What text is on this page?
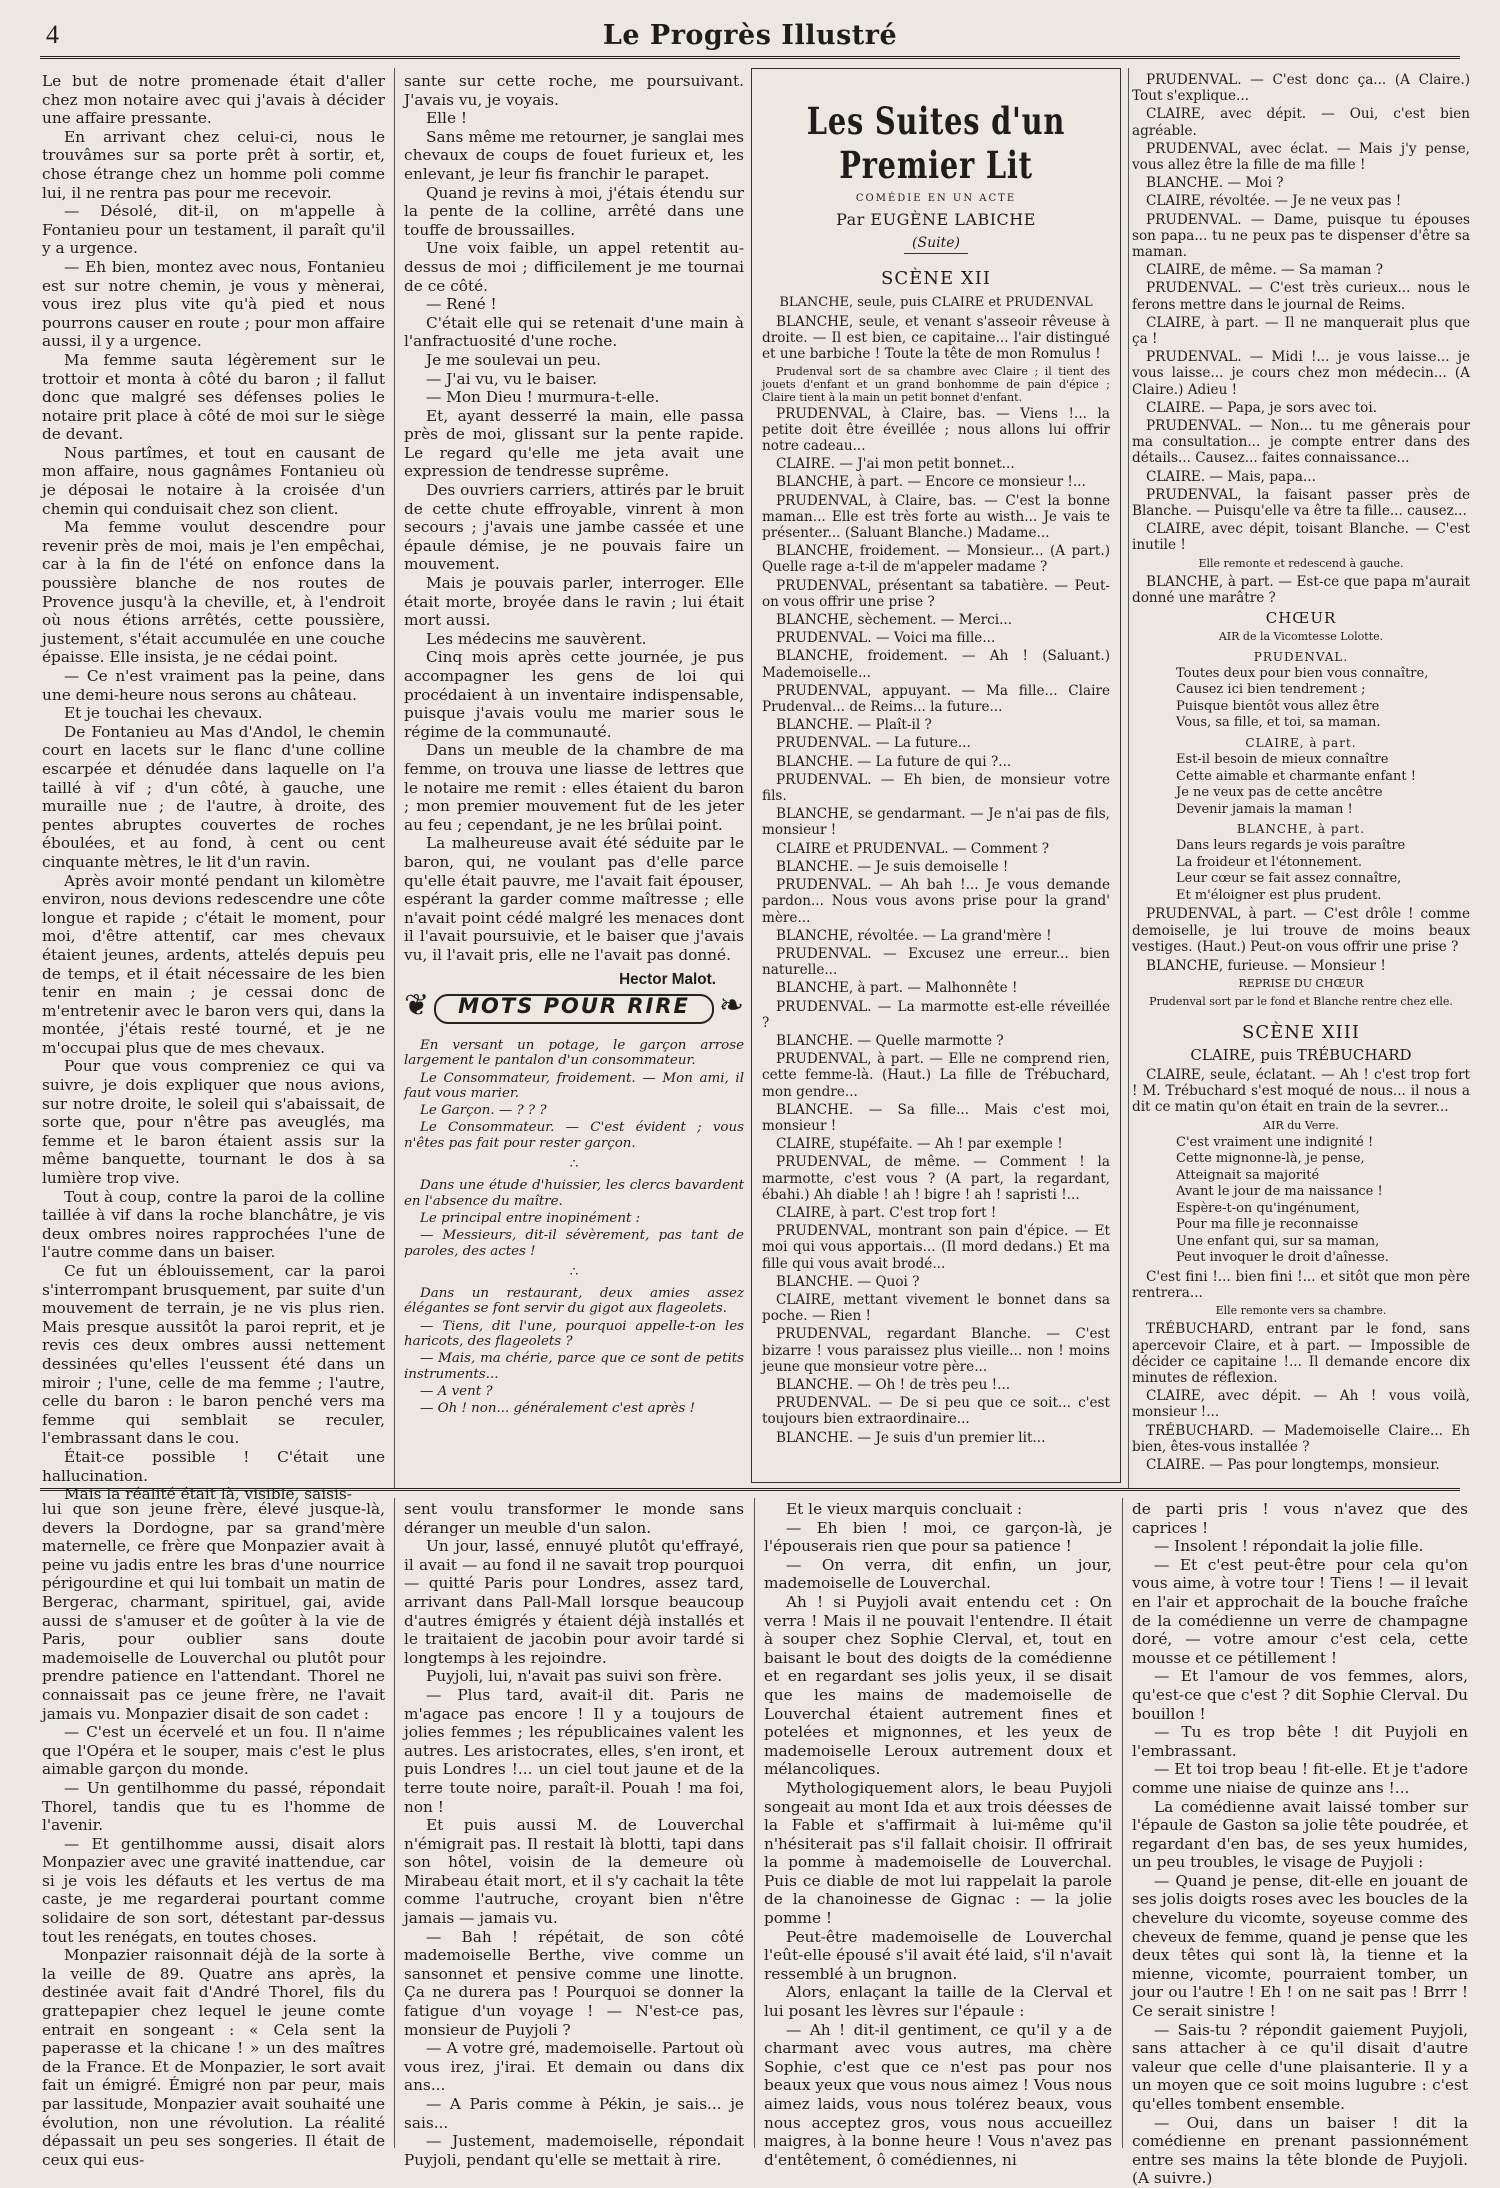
4	Le Progrès Illustré

Le but de notre promenade était d'aller chez mon notaire avec qui j'avais à décider une affaire pressante.

En arrivant chez celui-ci, nous le trouvâmes sur sa porte prêt à sortir, et, chose étrange chez un homme poli comme lui, il ne rentra pas pour me recevoir.

— Désolé, dit-il, on m'appelle à Fontanieu pour un testament, il paraît qu'il y a urgence.

— Eh bien, montez avec nous, Fontanieu est sur notre chemin, je vous y mènerai, vous irez plus vite qu'à pied et nous pourrons causer en route ; pour mon affaire aussi, il y a urgence.

Ma femme sauta légèrement sur le trottoir et monta à côté du baron ; il fallut donc que malgré ses défenses polies le notaire prit place à côté de moi sur le siège de devant.

Nous partîmes, et tout en causant de mon affaire, nous gagnâmes Fontanieu où je déposai le notaire à la croisée d'un chemin qui conduisait chez son client.

Ma femme voulut descendre pour revenir près de moi, mais je l'en empêchai, car à la fin de l'été on enfonce dans la poussière blanche de nos routes de Provence jusqu'à la cheville, et, à l'endroit où nous étions arrêtés, cette poussière, justement, s'était accumulée en une couche épaisse. Elle insista, je ne cédai point.

— Ce n'est vraiment pas la peine, dans une demi-heure nous serons au château.

Et je touchai les chevaux.

De Fontanieu au Mas d'Andol, le chemin court en lacets sur le flanc d'une colline escarpée et dénudée dans laquelle on l'a taillé à vif ; d'un côté, à gauche, une muraille nue ; de l'autre, à droite, des pentes abruptes couvertes de roches éboulées, et au fond, à cent ou cent cinquante mètres, le lit d'un ravin.

Après avoir monté pendant un kilomètre environ, nous devions redescendre une côte longue et rapide ; c'était le moment, pour moi, d'être attentif, car mes chevaux étaient jeunes, ardents, attelés depuis peu de temps, et il était nécessaire de les bien tenir en main ; je cessai donc de m'entretenir avec le baron vers qui, dans la montée, j'étais resté tourné, et je ne m'occupai plus que de mes chevaux.

Pour que vous compreniez ce qui va suivre, je dois expliquer que nous avions, sur notre droite, le soleil qui s'abaissait, de sorte que, pour n'être pas aveuglés, ma femme et le baron étaient assis sur la même banquette, tournant le dos à sa lumière trop vive.

Tout à coup, contre la paroi de la colline taillée à vif dans la roche blanchâtre, je vis deux ombres noires rapprochées l'une de l'autre comme dans un baiser.

Ce fut un éblouissement, car la paroi s'interrompant brusquement, par suite d'un mouvement de terrain, je ne vis plus rien. Mais presque aussitôt la paroi reprit, et je revis ces deux ombres aussi nettement dessinées qu'elles l'eussent été dans un miroir ; l'une, celle de ma femme ; l'autre, celle du baron : le baron penché vers ma femme qui semblait se reculer, l'embrassant dans le cou.

Était-ce possible ! C'était une hallucination.

Mais la réalité était là, visible, saisis-

sante sur cette roche, me poursuivant. J'avais vu, je voyais.

Elle !

Sans même me retourner, je sanglai mes chevaux de coups de fouet furieux et, les enlevant, je leur fis franchir le parapet.

Quand je revins à moi, j'étais étendu sur la pente de la colline, arrêté dans une touffe de broussailles.

Une voix faible, un appel retentit au-dessus de moi ; difficilement je me tournai de ce côté.

— René !

C'était elle qui se retenait d'une main à l'anfractuosité d'une roche.

Je me soulevai un peu.

— J'ai vu, vu le baiser.

— Mon Dieu ! murmura-t-elle.

Et, ayant desserré la main, elle passa près de moi, glissant sur la pente rapide. Le regard qu'elle me jeta avait une expression de tendresse suprême.

Des ouvriers carriers, attirés par le bruit de cette chute effroyable, vinrent à mon secours ; j'avais une jambe cassée et une épaule démise, je ne pouvais faire un mouvement.

Mais je pouvais parler, interroger. Elle était morte, broyée dans le ravin ; lui était mort aussi.

Les médecins me sauvèrent.

Cinq mois après cette journée, je pus accompagner les gens de loi qui procédaient à un inventaire indispensable, puisque j'avais voulu me marier sous le régime de la communauté.

Dans un meuble de la chambre de ma femme, on trouva une liasse de lettres que le notaire me remit : elles étaient du baron ; mon premier mouvement fut de les jeter au feu ; cependant, je ne les brûlai point.

La malheureuse avait été séduite par le baron, qui, ne voulant pas d'elle parce qu'elle était pauvre, me l'avait fait épouser, espérant la garder comme maîtresse ; elle n'avait point cédé malgré les menaces dont il l'avait poursuivie, et le baiser que j'avais vu, il l'avait pris, elle ne l'avait pas donné.

Hector Malot.

❦	MOTS POUR RIRE ❧

En versant un potage, le garçon arrose largement le pantalon d'un consommateur.

Le Consommateur, froidement. — Mon ami, il faut vous marier.

Le Garçon. — ? ? ?

Le Consommateur. — C'est évident ; vous n'êtes pas fait pour rester garçon.

∴

Dans une étude d'huissier, les clercs bavardent en l'absence du maître.

Le principal entre inopinément :

— Messieurs, dit-il sévèrement, pas tant de paroles, des actes !

∴

Dans un restaurant, deux amies assez élégantes se font servir du gigot aux flageolets.

— Tiens, dit l'une, pourquoi appelle-t-on les haricots, des flageolets ?

— Mais, ma chérie, parce que ce sont de petits instruments...

— A vent ?

— Oh ! non... généralement c'est après !

Les Suites d'un Premier Lit
COMÉDIE EN UN ACTE
Par EUGÈNE LABICHE
(Suite)
SCÈNE XII
BLANCHE, seule, puis CLAIRE et PRUDENVAL

BLANCHE, seule, et venant s'asseoir rêveuse à droite. — Il est bien, ce capitaine... l'air distingué et une barbiche ! Toute la tête de mon Romulus !

Prudenval sort de sa chambre avec Claire ; il tient des jouets d'enfant et un grand bonhomme de pain d'épice ; Claire tient à la main un petit bonnet d'enfant.

PRUDENVAL, à Claire, bas. — Viens !... la petite doit être éveillée ; nous allons lui offrir notre cadeau...

CLAIRE. — J'ai mon petit bonnet...

BLANCHE, à part. — Encore ce monsieur !...

PRUDENVAL, à Claire, bas. — C'est la bonne maman... Elle est très forte au wisth... Je vais te présenter... (Saluant Blanche.) Madame...

BLANCHE, froidement. — Monsieur... (A part.) Quelle rage a-t-il de m'appeler madame ?

PRUDENVAL, présentant sa tabatière. — Peut-on vous offrir une prise ?

BLANCHE, sèchement. — Merci...

PRUDENVAL. — Voici ma fille...

BLANCHE, froidement. — Ah ! (Saluant.) Mademoiselle...

PRUDENVAL, appuyant. — Ma fille... Claire Prudenval... de Reims... la future...

BLANCHE. — Plaît-il ?

PRUDENVAL. — La future...

BLANCHE. — La future de qui ?...

PRUDENVAL. — Eh bien, de monsieur votre fils.

BLANCHE, se gendarmant. — Je n'ai pas de fils, monsieur !

CLAIRE et PRUDENVAL. — Comment ?

BLANCHE. — Je suis demoiselle !

PRUDENVAL. — Ah bah !... Je vous demande pardon... Nous vous avons prise pour la grand' mère...

BLANCHE, révoltée. — La grand'mère !

PRUDENVAL. — Excusez une erreur... bien naturelle...

BLANCHE, à part. — Malhonnête !

PRUDENVAL. — La marmotte est-elle réveillée ?

BLANCHE. — Quelle marmotte ?

PRUDENVAL, à part. — Elle ne comprend rien, cette femme-là. (Haut.) La fille de Trébuchard, mon gendre...

BLANCHE. — Sa fille... Mais c'est moi, monsieur !

CLAIRE, stupéfaite. — Ah ! par exemple !

PRUDENVAL, de même. — Comment ! la marmotte, c'est vous ? (A part, la regardant, ébahi.) Ah diable ! ah ! bigre ! ah ! sapristi !...

CLAIRE, à part. C'est trop fort !

PRUDENVAL, montrant son pain d'épice. — Et moi qui vous apportais... (Il mord dedans.) Et ma fille qui vous avait brodé...

BLANCHE. — Quoi ?

CLAIRE, mettant vivement le bonnet dans sa poche. — Rien !

PRUDENVAL, regardant Blanche. — C'est bizarre ! vous paraissez plus vieille... non ! moins jeune que monsieur votre père...

BLANCHE. — Oh ! de très peu !...

PRUDENVAL. — De si peu que ce soit... c'est toujours bien extraordinaire...

BLANCHE. — Je suis d'un premier lit...

PRUDENVAL. — C'est donc ça... (A Claire.) Tout s'explique...

CLAIRE, avec dépit. — Oui, c'est bien agréable.

PRUDENVAL, avec éclat. — Mais j'y pense, vous allez être la fille de ma fille !

BLANCHE. — Moi ?

CLAIRE, révoltée. — Je ne veux pas !

PRUDENVAL. — Dame, puisque tu épouses son papa... tu ne peux pas te dispenser d'être sa maman.

CLAIRE, de même. — Sa maman ?

PRUDENVAL. — C'est très curieux... nous le ferons mettre dans le journal de Reims.

CLAIRE, à part. — Il ne manquerait plus que ça !

PRUDENVAL. — Midi !... je vous laisse... je vous laisse... je cours chez mon médecin... (A Claire.) Adieu !

CLAIRE. — Papa, je sors avec toi.

PRUDENVAL. — Non... tu me gênerais pour ma consultation... je compte entrer dans des détails... Causez... faites connaissance...

CLAIRE. — Mais, papa...

PRUDENVAL, la faisant passer près de Blanche. — Puisqu'elle va être ta fille... causez...

CLAIRE, avec dépit, toisant Blanche. — C'est inutile !

Elle remonte et redescend à gauche.

BLANCHE, à part. — Est-ce que papa m'aurait donné une marâtre ?

CHŒUR
AIR de la Vicomtesse Lolotte.
PRUDENVAL.
Toutes deux pour bien vous connaître,
Causez ici bien tendrement ;
Puisque bientôt vous allez être
Vous, sa fille, et toi, sa maman.
CLAIRE, à part.
Est-il besoin de mieux connaître
Cette aimable et charmante enfant !
Je ne veux pas de cette ancêtre
Devenir jamais la maman !
BLANCHE, à part.
Dans leurs regards je vois paraître
La froideur et l'étonnement.
Leur cœur se fait assez connaître,
Et m'éloigner est plus prudent.

PRUDENVAL, à part. — C'est drôle ! comme demoiselle, je lui trouve de moins beaux vestiges. (Haut.) Peut-on vous offrir une prise ?

BLANCHE, furieuse. — Monsieur !

REPRISE DU CHŒUR
Prudenval sort par le fond et Blanche rentre chez elle.
SCÈNE XIII
CLAIRE, puis TRÉBUCHARD

CLAIRE, seule, éclatant. — Ah ! c'est trop fort ! M. Trébuchard s'est moqué de nous... il nous a dit ce matin qu'on était en train de la sevrer...

AIR du Verre.
C'est vraiment une indignité !
Cette mignonne-là, je pense,
Atteignait sa majorité
Avant le jour de ma naissance !
Espère-t-on qu'ingénument,
Pour ma fille je reconnaisse
Une enfant qui, sur sa maman,
Peut invoquer le droit d'aînesse.

C'est fini !... bien fini !... et sitôt que mon père rentrera...

Elle remonte vers sa chambre.

TRÉBUCHARD, entrant par le fond, sans apercevoir Claire, et à part. — Impossible de décider ce capitaine !... Il demande encore dix minutes de réflexion.

CLAIRE, avec dépit. — Ah ! vous voilà, monsieur !...

TRÉBUCHARD. — Mademoiselle Claire... Eh bien, êtes-vous installée ?

CLAIRE. — Pas pour longtemps, monsieur.

lui que son jeune frère, élevé jusque-là, devers la Dordogne, par sa grand'mère maternelle, ce frère que Monpazier avait à peine vu jadis entre les bras d'une nourrice périgourdine et qui lui tombait un matin de Bergerac, charmant, spirituel, gai, avide aussi de s'amuser et de goûter à la vie de Paris, pour oublier sans doute mademoiselle de Louverchal ou plutôt pour prendre patience en l'attendant. Thorel ne connaissait pas ce jeune frère, ne l'avait jamais vu. Monpazier disait de son cadet :

— C'est un écervelé et un fou. Il n'aime que l'Opéra et le souper, mais c'est le plus aimable garçon du monde.

— Un gentilhomme du passé, répondait Thorel, tandis que tu es l'homme de l'avenir.

— Et gentilhomme aussi, disait alors Monpazier avec une gravité inattendue, car si je vois les défauts et les vertus de ma caste, je me regarderai pourtant comme solidaire de son sort, détestant par-dessus tout les renégats, en toutes choses.

Monpazier raisonnait déjà de la sorte à la veille de 89. Quatre ans après, la destinée avait fait d'André Thorel, fils du grattepapier chez lequel le jeune comte entrait en songeant : « Cela sent la paperasse et la chicane ! » un des maîtres de la France. Et de Monpazier, le sort avait fait un émigré. Émigré non par peur, mais par lassitude, Monpazier avait souhaité une évolution, non une révolution. La réalité dépassait un peu ses songeries. Il était de ceux qui eus-

sent voulu transformer le monde sans déranger un meuble d'un salon.

Un jour, lassé, ennuyé plutôt qu'effrayé, il avait — au fond il ne savait trop pourquoi — quitté Paris pour Londres, assez tard, arrivant dans Pall-Mall lorsque beaucoup d'autres émigrés y étaient déjà installés et le traitaient de jacobin pour avoir tardé si longtemps à les rejoindre.

Puyjoli, lui, n'avait pas suivi son frère.

— Plus tard, avait-il dit. Paris ne m'agace pas encore ! Il y a toujours de jolies femmes ; les républicaines valent les autres. Les aristocrates, elles, s'en iront, et puis Londres !... un ciel tout jaune et de la terre toute noire, paraît-il. Pouah ! ma foi, non !

Et puis aussi M. de Louverchal n'émigrait pas. Il restait là blotti, tapi dans son hôtel, voisin de la demeure où Mirabeau était mort, et il s'y cachait la tête comme l'autruche, croyant bien n'être jamais — jamais vu.

— Bah ! répétait, de son côté mademoiselle Berthe, vive comme un sansonnet et pensive comme une linotte. Ça ne durera pas ! Pourquoi se donner la fatigue d'un voyage ! — N'est-ce pas, monsieur de Puyjoli ?

— A votre gré, mademoiselle. Partout où vous irez, j'irai. Et demain ou dans dix ans...

— A Paris comme à Pékin, je sais... je sais...

— Justement, mademoiselle, répondait Puyjoli, pendant qu'elle se mettait à rire.

Et le vieux marquis concluait :

— Eh bien ! moi, ce garçon-là, je l'épouserais rien que pour sa patience !

— On verra, dit enfin, un jour, mademoiselle de Louverchal.

Ah ! si Puyjoli avait entendu cet : On verra ! Mais il ne pouvait l'entendre. Il était à souper chez Sophie Clerval, et, tout en baisant le bout des doigts de la comédienne et en regardant ses jolis yeux, il se disait que les mains de mademoiselle de Louverchal étaient autrement fines et potelées et mignonnes, et les yeux de mademoiselle Leroux autrement doux et mélancoliques.

Mythologiquement alors, le beau Puyjoli songeait au mont Ida et aux trois déesses de la Fable et s'affirmait à lui-même qu'il n'hésiterait pas s'il fallait choisir. Il offrirait la pomme à mademoiselle de Louverchal. Puis ce diable de mot lui rappelait la parole de la chanoinesse de Gignac : — la jolie pomme !

Peut-être mademoiselle de Louverchal l'eût-elle épousé s'il avait été laid, s'il n'avait ressemblé à un brugnon.

Alors, enlaçant la taille de la Clerval et lui posant les lèvres sur l'épaule :

— Ah ! dit-il gentiment, ce qu'il y a de charmant avec vous autres, ma chère Sophie, c'est que ce n'est pas pour nos beaux yeux que vous nous aimez ! Vous nous aimez laids, vous nous tolérez beaux, vous nous acceptez gros, vous nous accueillez maigres, à la bonne heure ! Vous n'avez pas d'entêtement, ô comédiennes, ni

de parti pris ! vous n'avez que des caprices !

— Insolent ! répondait la jolie fille.

— Et c'est peut-être pour cela qu'on vous aime, à votre tour ! Tiens ! — il levait en l'air et approchait de la bouche fraîche de la comédienne un verre de champagne doré, — votre amour c'est cela, cette mousse et ce pétillement !

— Et l'amour de vos femmes, alors, qu'est-ce que c'est ? dit Sophie Clerval. Du bouillon !

— Tu es trop bête ! dit Puyjoli en l'embrassant.

— Et toi trop beau ! fit-elle. Et je t'adore comme une niaise de quinze ans !...

La comédienne avait laissé tomber sur l'épaule de Gaston sa jolie tête poudrée, et regardant d'en bas, de ses yeux humides, un peu troubles, le visage de Puyjoli :

— Quand je pense, dit-elle en jouant de ses jolis doigts roses avec les boucles de la chevelure du vicomte, soyeuse comme des cheveux de femme, quand je pense que les deux têtes qui sont là, la tienne et la mienne, vicomte, pourraient tomber, un jour ou l'autre ! Eh ! on ne sait pas ! Brrr ! Ce serait sinistre !

— Sais-tu ? répondit gaiement Puyjoli, sans attacher à ce qu'il disait d'autre valeur que celle d'une plaisanterie. Il y a un moyen que ce soit moins lugubre : c'est qu'elles tombent ensemble.

— Oui, dans un baiser ! dit la comédienne en prenant passionnément entre ses mains la tête blonde de Puyjoli. (A suivre.)
